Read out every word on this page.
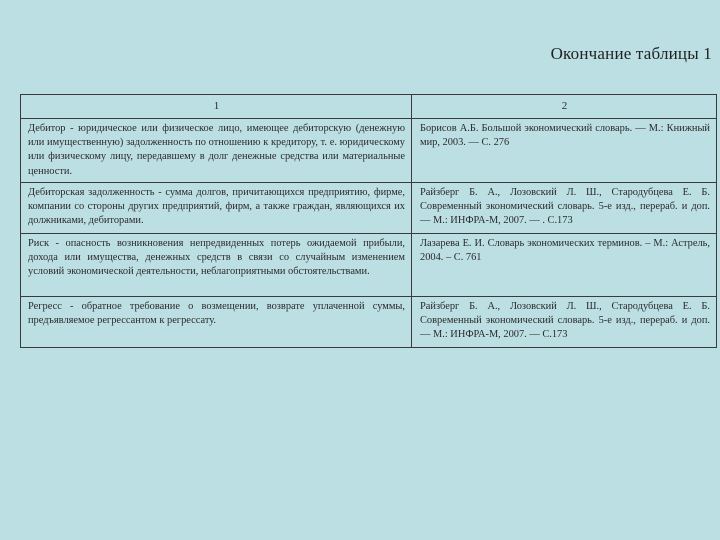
Окончание таблицы 1
1	2
Дебитор - юридическое или физическое лицо, имеющее дебиторскую (денежную или имущественную) задолженность по отношению к кредитору, т. е. юридическому или физическому лицу, передавшему в долг денежные средства или материальные ценности.	Борисов А.Б. Большой экономический словарь. — М.: Книжный мир, 2003. — С. 276
Дебиторская задолженность - сумма долгов, причитающихся предприятию, фирме, компании со стороны других предприятий, фирм, а также граждан, являющихся их должниками, дебиторами.	Райзберг Б. А., Лозовский Л. Ш., Стародубцева Е. Б. Современный экономический словарь. 5-е изд., перераб. и доп. — М.: ИНФРА-М, 2007. — . С.173
Риск - опасность возникновения непредвиденных потерь ожидаемой прибыли, дохода или имущества, денежных средств в связи со случайным изменением условий экономической деятельности, неблагоприятными обстоятельствами.	Лазарева Е. И. Словарь экономических терминов. – М.: Астрель, 2004. – С. 761
Регресс - обратное требование о возмещении, возврате уплаченной суммы, предъявляемое регрессантом к регрессату.	Райзберг Б. А., Лозовский Л. Ш., Стародубцева Е. Б. Современный экономический словарь. 5-е изд., перераб. и доп. — М.: ИНФРА-М, 2007. — С.173
